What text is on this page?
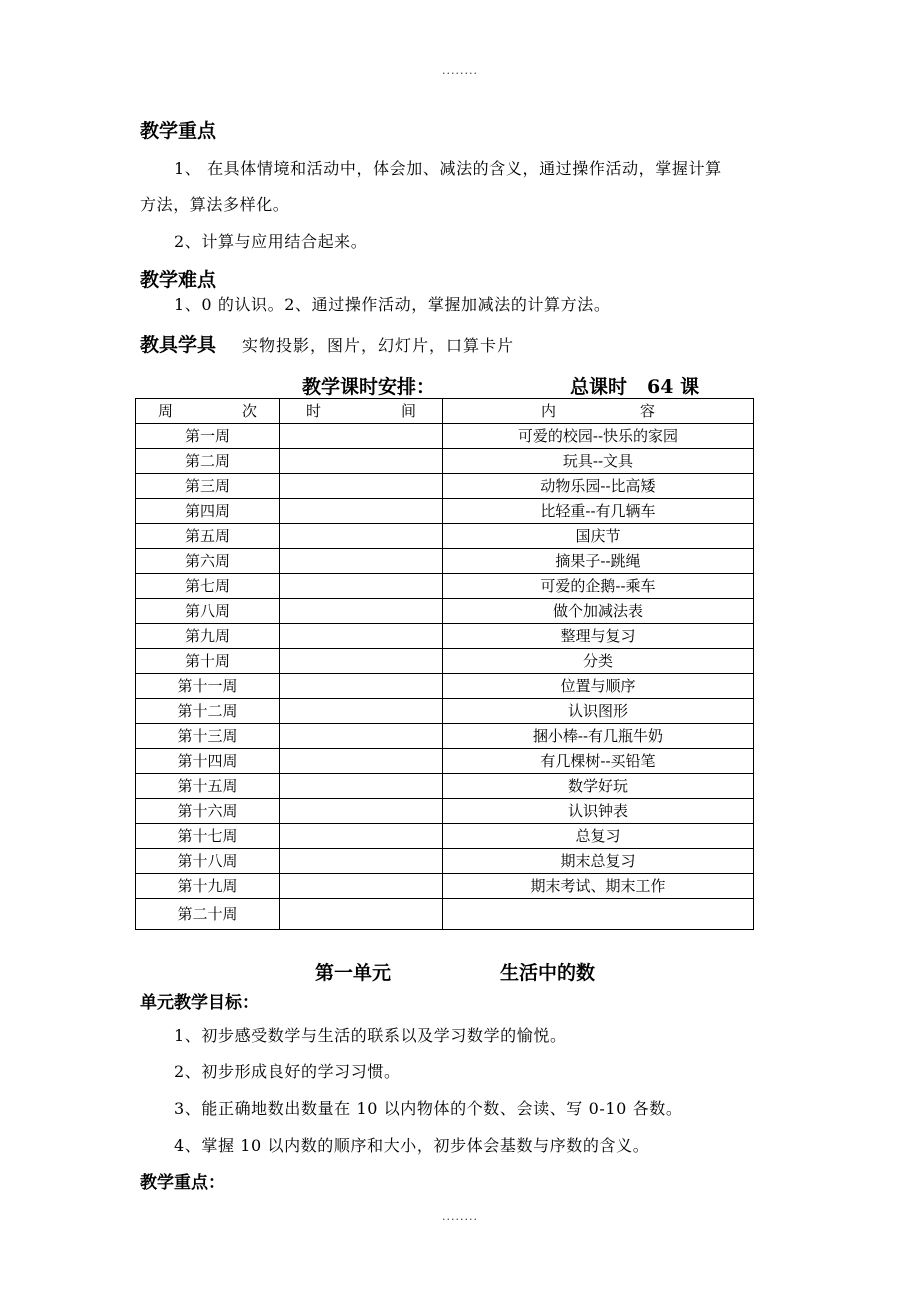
........
教学重点
1、 在具体情境和活动中，体会加、减法的含义，通过操作活动，掌握计算
方法，算法多样化。
2、计算与应用结合起来。
教学难点
1、0 的认识。2、通过操作活动，掌握加减法的计算方法。
教具学具 实物投影，图片，幻灯片，口算卡片
教学课时安排：	总课时 64 课
周 次	时 间	内 容

第一周		可爱的校园--快乐的家园
第二周		玩具--文具
第三周		动物乐园--比高矮
第四周		比轻重--有几辆车
第五周		国庆节
第六周		摘果子--跳绳
第七周		可爱的企鹅--乘车
第八周		做个加减法表
第九周		整理与复习
第十周		分类
第十一周		位置与顺序
第十二周		认识图形
第十三周		捆小棒--有几瓶牛奶
第十四周		有几棵树--买铅笔
第十五周		数学好玩
第十六周		认识钟表
第十七周		总复习
第十八周		期末总复习
第十九周		期末考试、期末工作
第二十周		
第一单元	生活中的数
单元教学目标：
1、初步感受数学与生活的联系以及学习数学的愉悦。
2、初步形成良好的学习习惯。
3、能正确地数出数量在 10 以内物体的个数、会读、写 0-10 各数。
4、掌握 10 以内数的顺序和大小，初步体会基数与序数的含义。
教学重点：
........
